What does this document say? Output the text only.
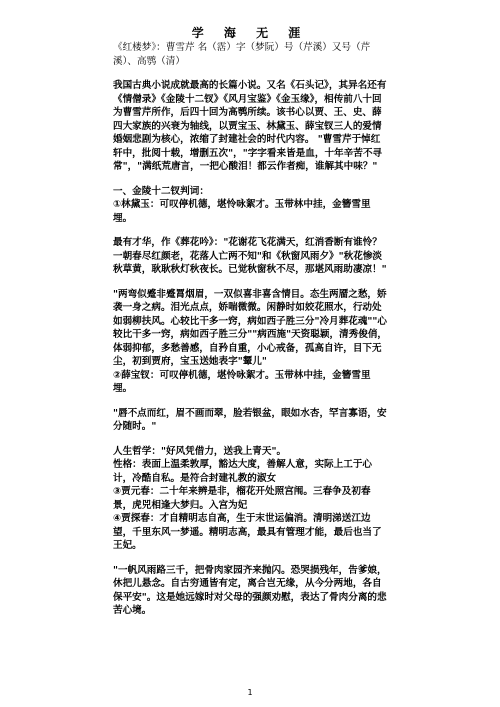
学 海 无 涯

《红楼梦》：曹雪芹 名（霑）字（梦阮）号（芹溪）又号（芹溪）、高鹗（清）

我国古典小说成就最高的长篇小说。又名《石头记》，其异名还有《情僧录》《金陵十二钗》《风月宝鉴》《金玉缘》，相传前八十回为曹雪芹所作，后四十回为高鹗所续。该书心以贾、王、史、薛四大家族的兴衰为轴线，以贾宝玉、林黛玉、薛宝钗三人的爱情婚姻悲剧为核心，浓缩了封建社会的时代内容。 "曹雪芹于悼红轩中，批阅十载，增删五次"，"字字看来皆是血，十年辛苦不寻常"，"满纸荒唐言，一把心酸泪！都云作者痴，谁解其中味？"

一、金陵十二钗判词：

①林黛玉：可叹停机德，堪怜咏絮才。玉带林中挂，金簪雪里埋。

最有才华，作《葬花吟》："花谢花飞花满天，红消香断有谁怜？一朝春尽红颜老，花落人亡两不知"和《秋窗风雨夕》"秋花惨淡秋草黄，耿耿秋灯秋夜长。已觉秋窗秋不尽，那堪风雨助凄凉！"

"两弯似蹙非蹙罥烟眉，一双似喜非喜含情目。态生两靥之愁，娇袭一身之病。泪光点点，娇喘微微。闲静时如姣花照水，行动处如弱柳扶风。心较比干多一窍，病如西子胜三分"冷月葬花魂""心较比干多一窍，病如西子胜三分""病西施"天资聪颖，清秀俊俏，体弱抑郁，多愁善感，自矜自重，小心戒备，孤高自许，目下无尘，初到贾府，宝玉送她表字"颦儿"

②薛宝钗：可叹停机德，堪怜咏絮才。玉带林中挂，金簪雪里埋。

"唇不点而红，眉不画而翠，脸若银盆，眼如水杏，罕言寡语，安分随时。"

人生哲学："好风凭借力，送我上青天"。

性格：表面上温柔敦厚，豁达大度，善解人意，实际上工于心计，冷酷自私。是符合封建礼教的淑女

③贾元春：二十年来辨是非，榴花开处照宫闱。三春争及初春景，虎兕相逢大梦归。入宫为妃

④贾探春：才自精明志自高，生于末世运偏消。清明涕送江边望，千里东风一梦遥。精明志高，最具有管理才能，最后也当了王妃。

"一帆风雨路三千，把骨肉家园齐来抛闪。恐哭损残年，告爹娘，休把儿悬念。自古穷通皆有定，离合岂无缘，从今分两地，各自保平安"。这是她远嫁时对父母的强颜劝慰，表达了骨肉分离的悲苦心境。

1
